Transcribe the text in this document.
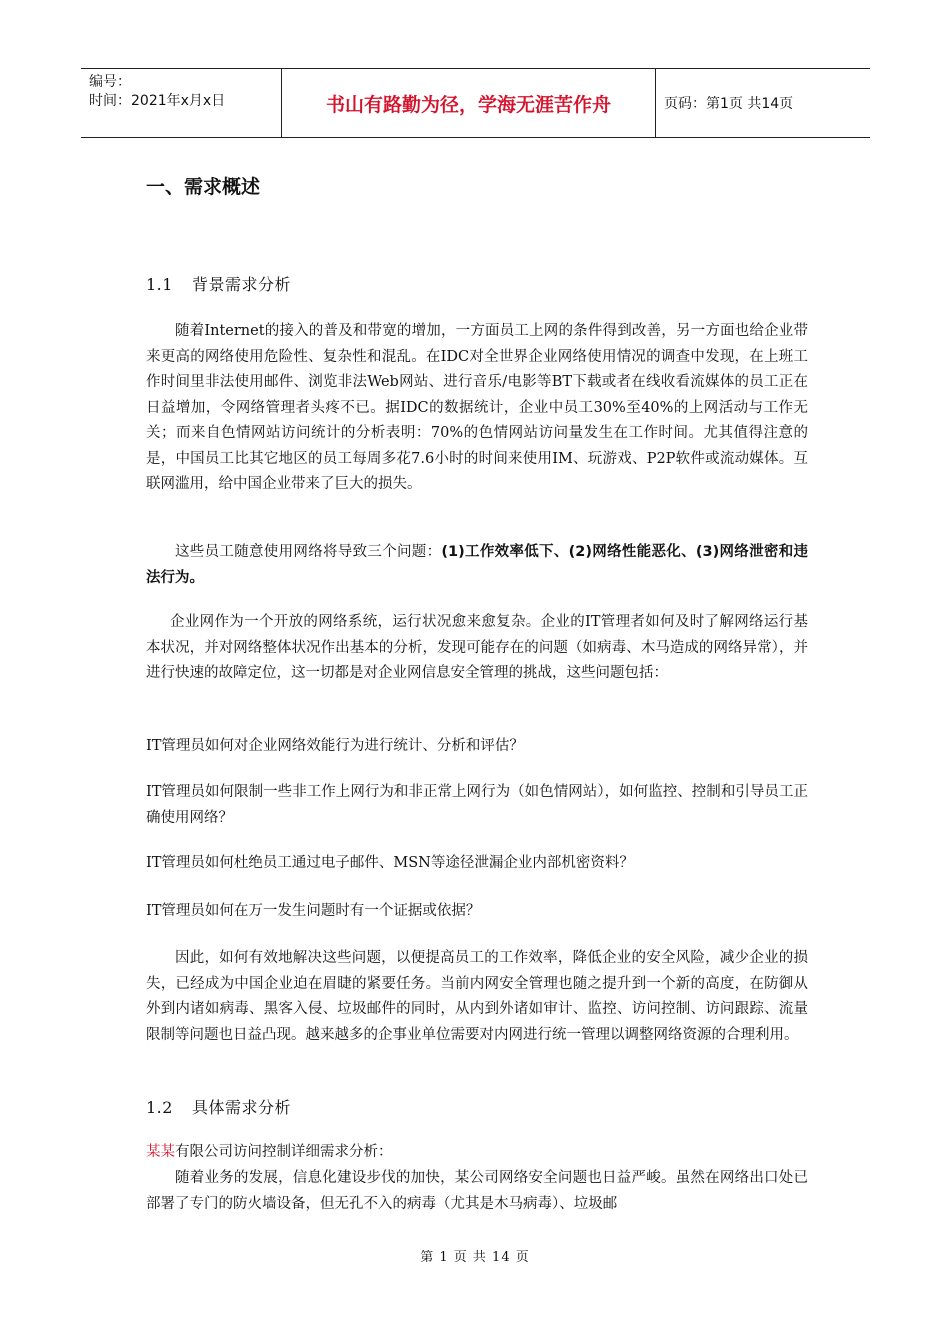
编号：
时间：2021年x月x日	书山有路勤为径，学海无涯苦作舟	页码：第1页 共14页
一、需求概述
1.1 背景需求分析
随着Internet的接入的普及和带宽的增加，一方面员工上网的条件得到改善，另一方面也给企业带来更高的网络使用危险性、复杂性和混乱。在IDC对全世界企业网络使用情况的调查中发现，在上班工作时间里非法使用邮件、浏览非法Web网站、进行音乐/电影等BT下载或者在线收看流媒体的员工正在日益增加，令网络管理者头疼不已。据IDC的数据统计，企业中员工30%至40%的上网活动与工作无关；而来自色情网站访问统计的分析表明：70%的色情网站访问量发生在工作时间。尤其值得注意的是，中国员工比其它地区的员工每周多花7.6小时的时间来使用IM、玩游戏、P2P软件或流动媒体。互联网滥用，给中国企业带来了巨大的损失。
这些员工随意使用网络将导致三个问题：(1)工作效率低下、(2)网络性能恶化、(3)网络泄密和违法行为。
企业网作为一个开放的网络系统，运行状况愈来愈复杂。企业的IT管理者如何及时了解网络运行基本状况，并对网络整体状况作出基本的分析，发现可能存在的问题（如病毒、木马造成的网络异常），并进行快速的故障定位，这一切都是对企业网信息安全管理的挑战，这些问题包括：
IT管理员如何对企业网络效能行为进行统计、分析和评估？
IT管理员如何限制一些非工作上网行为和非正常上网行为（如色情网站），如何监控、控制和引导员工正确使用网络？
IT管理员如何杜绝员工通过电子邮件、MSN等途径泄漏企业内部机密资料？
IT管理员如何在万一发生问题时有一个证据或依据？
因此，如何有效地解决这些问题，以便提高员工的工作效率，降低企业的安全风险，减少企业的损失，已经成为中国企业迫在眉睫的紧要任务。当前内网安全管理也随之提升到一个新的高度，在防御从外到内诸如病毒、黑客入侵、垃圾邮件的同时，从内到外诸如审计、监控、访问控制、访问跟踪、流量限制等问题也日益凸现。越来越多的企事业单位需要对内网进行统一管理以调整网络资源的合理利用。
1.2 具体需求分析
某某有限公司访问控制详细需求分析：
随着业务的发展，信息化建设步伐的加快，某公司网络安全问题也日益严峻。虽然在网络出口处已部署了专门的防火墙设备，但无孔不入的病毒（尤其是木马病毒）、垃圾邮
第 1 页 共 14 页
